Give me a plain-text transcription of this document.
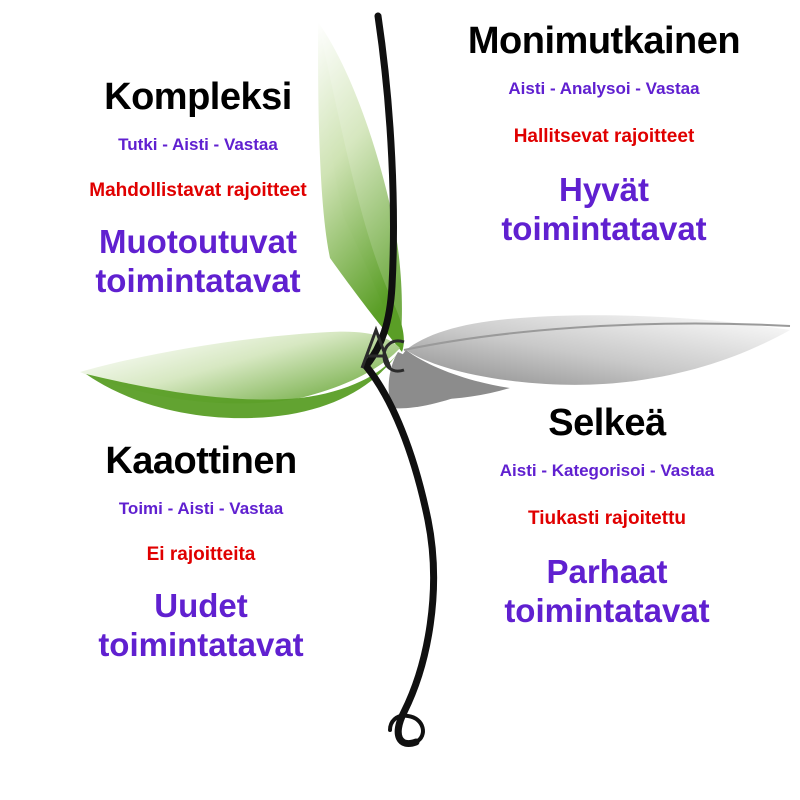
Kompleksi
Tutki - Aisti - Vastaa
Mahdollistavat rajoitteet
Muotoutuvat
toimintatavat
Monimutkainen
Aisti - Analysoi - Vastaa
Hallitsevat rajoitteet
Hyvät
toimintatavat
Kaaottinen
Toimi - Aisti - Vastaa
Ei rajoitteita
Uudet
toimintatavat
Selkeä
Aisti - Kategorisoi - Vastaa
Tiukasti rajoitettu
Parhaat
toimintatavat
